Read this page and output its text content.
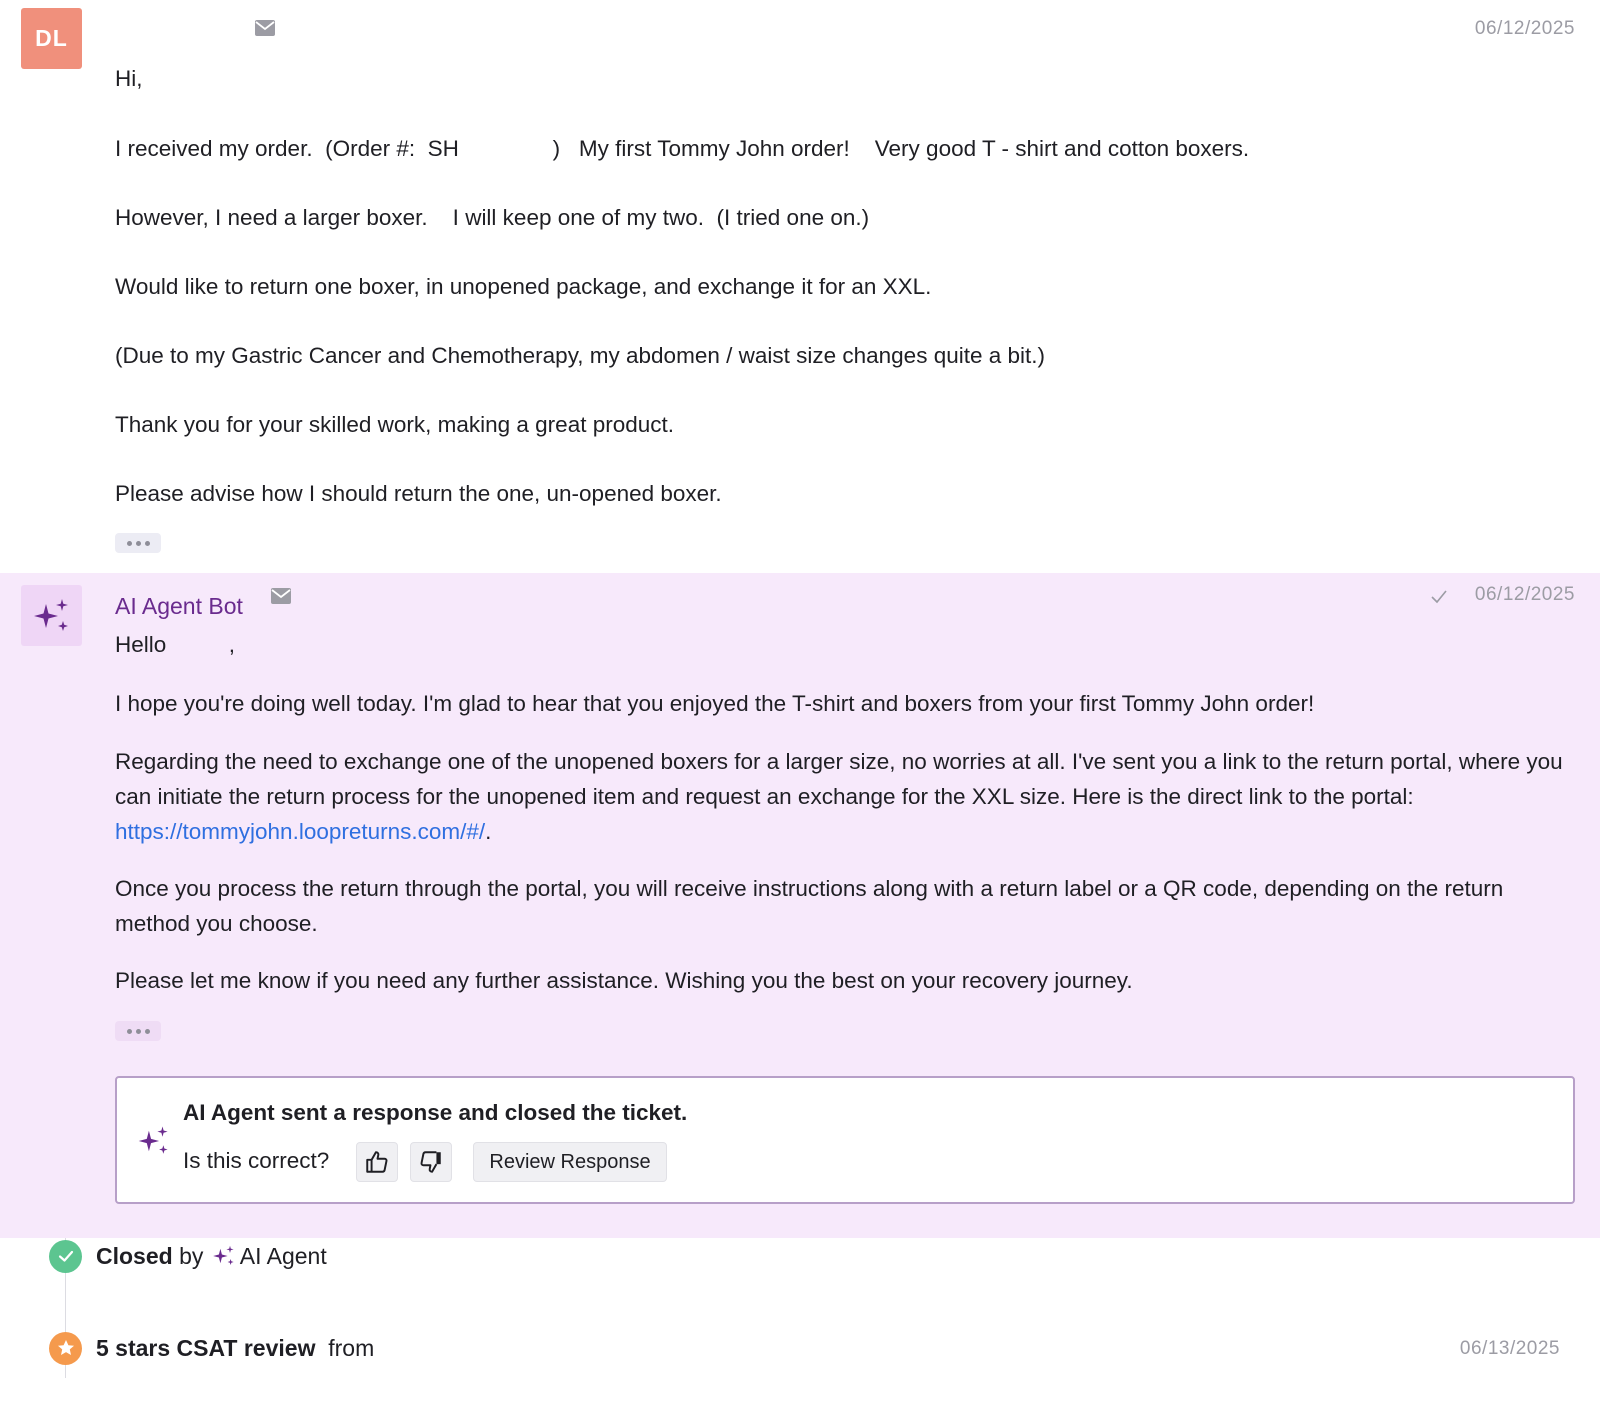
DL	06/12/2025
Hi,
I received my order.  (Order #:  SH               )   My first Tommy John order!    Very good T - shirt and cotton boxers.
However, I need a larger boxer.    I will keep one of my two.  (I tried one on.)
Would like to return one boxer, in unopened package, and exchange it for an XXL.
(Due to my Gastric Cancer and Chemotherapy, my abdomen / waist size changes quite a bit.)
Thank you for your skilled work, making a great product.
Please advise how I should return the one, un-opened boxer.
AI Agent Bot	06/12/2025
Hello          ,
I hope you're doing well today. I'm glad to hear that you enjoyed the T-shirt and boxers from your first Tommy John order!
Regarding the need to exchange one of the unopened boxers for a larger size, no worries at all. I've sent you a link to the return portal, where you can initiate the return process for the unopened item and request an exchange for the XXL size. Here is the direct link to the portal: https://tommyjohn.loopreturns.com/#/.
Once you process the return through the portal, you will receive instructions along with a return label or a QR code, depending on the return method you choose.
Please let me know if you need any further assistance. Wishing you the best on your recovery journey.
AI Agent sent a response and closed the ticket.
Is this correct?	Review Response
Closed by AI Agent
5 stars CSAT review from	06/13/2025
